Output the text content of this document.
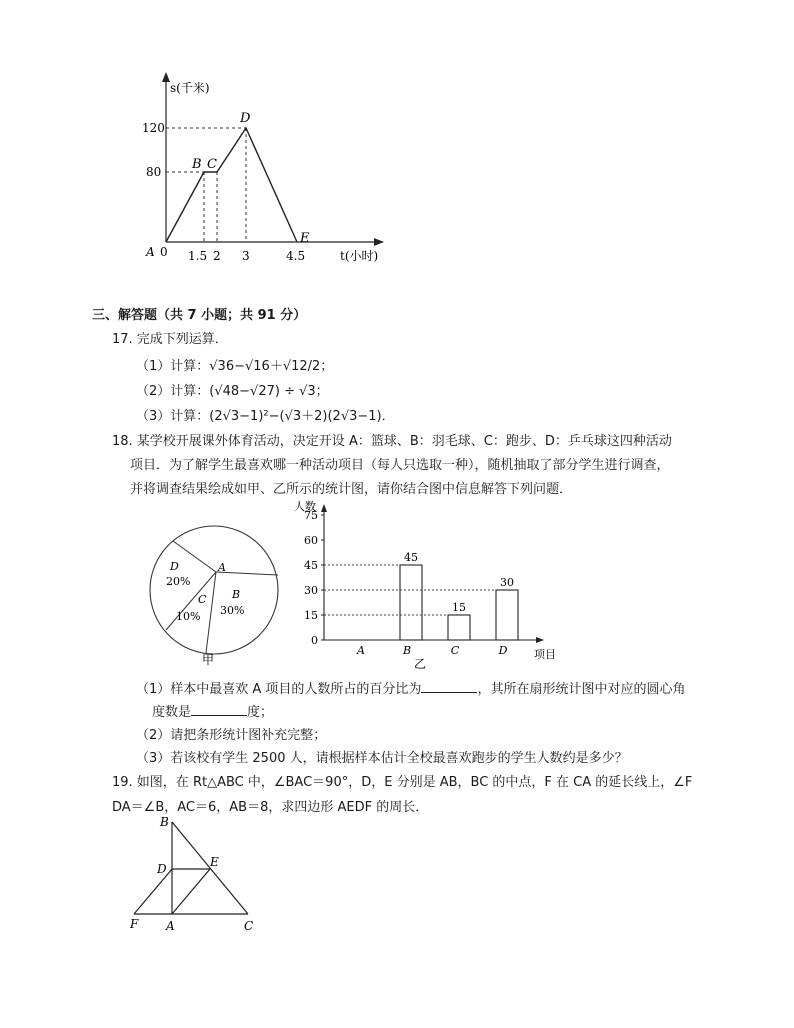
s(千米)
t(小时)
120
80
A 0 1.5 2 3	4.5
B C
D
E
三、解答题（共 7 小题；共 91 分）
17. 完成下列运算．
（1）计算：√36−√16＋√12/2；
（2）计算：(√48−√27) ÷ √3；
（3）计算：(2√3−1)²−(√3＋2)(2√3−1)．
18. 某学校开展课外体育活动，决定开设 A：篮球、B：羽毛球、C：跑步、D：乒乓球这四种活动
项目．为了解学生最喜欢哪一种活动项目（每人只选取一种），随机抽取了部分学生进行调查，
并将调查结果绘成如甲、乙所示的统计图，请你结合图中信息解答下列问题．
A
B
30%
C
10%
D
20%
甲
人数
75
60
45
30
15
0
A
45
B
15
C
30
D 项目
乙
（1）样本中最喜欢 A 项目的人数所占的百分比为	，其所在扇形统计图中对应的圆心角
度数是	度；
（2）请把条形统计图补充完整；
（3）若该校有学生 2500 人，请根据样本估计全校最喜欢跑步的学生人数约是多少？
19. 如图，在 Rt△ABC 中，∠BAC＝90°，D，E 分别是 AB，BC 的中点，F 在 CA 的延长线上，∠F
DA＝∠B，AC＝6，AB＝8，求四边形 AEDF 的周长．
B
D	E
F A	C
